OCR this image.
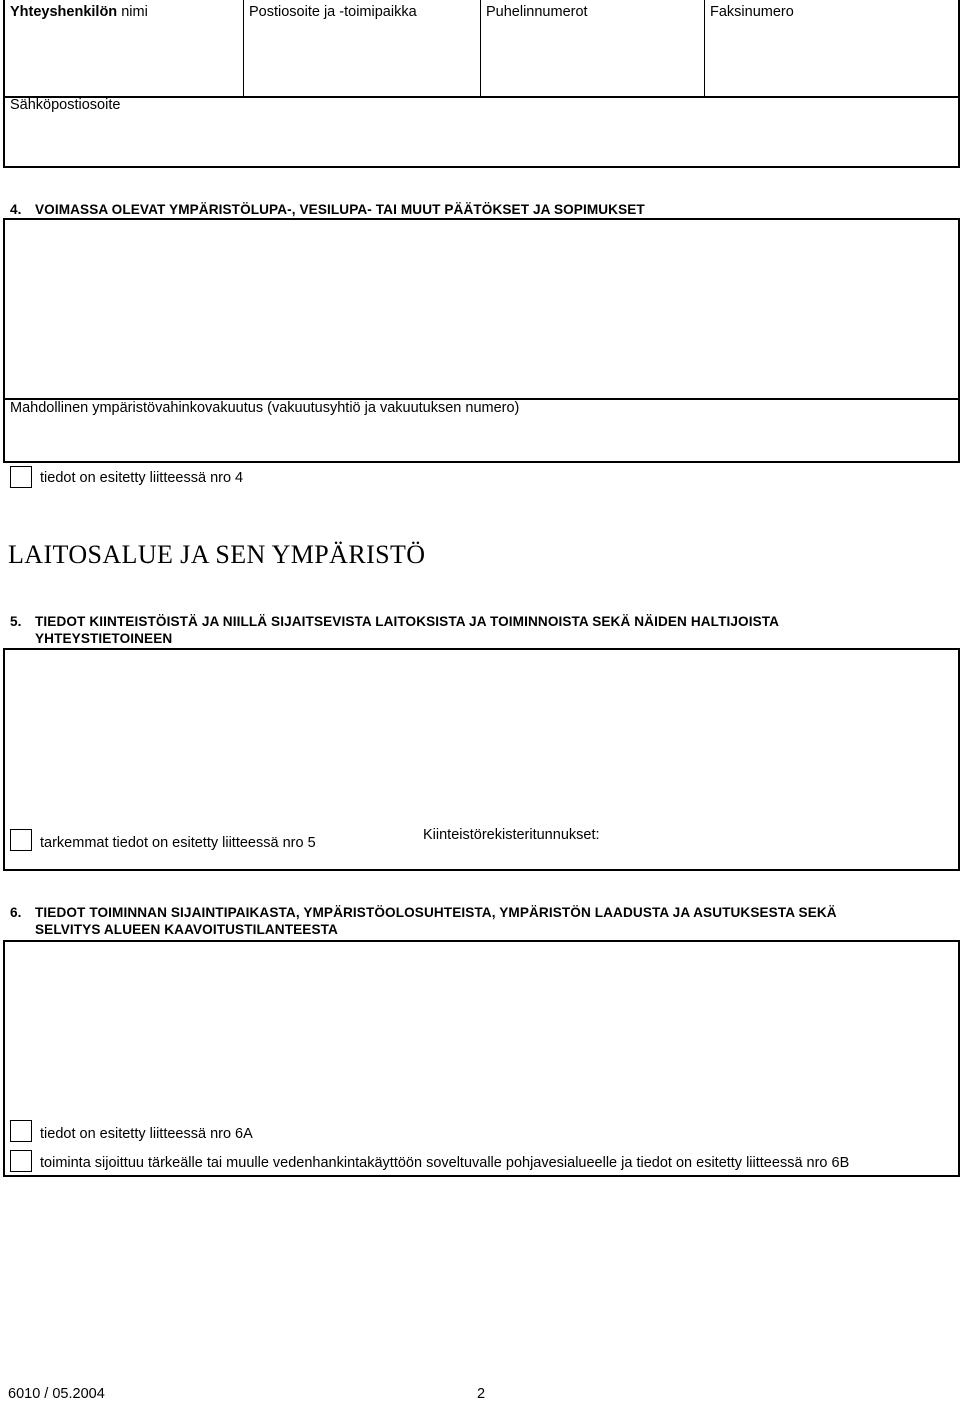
Yhteyshenkilön nimi	Postiosoite ja -toimipaikka	Puhelinnumerot	Faksinumero
Sähköpostiosoite
4. VOIMASSA OLEVAT YMPÄRISTÖLUPA-, VESILUPA- TAI MUUT PÄÄTÖKSET JA SOPIMUKSET
Mahdollinen ympäristövahinkovakuutus (vakuutusyhtiö ja vakuutuksen numero)
tiedot on esitetty liitteessä nro 4
LAITOSALUE JA SEN YMPÄRISTÖ
5. TIEDOT KIINTEISTÖISTÄ JA NIILLÄ SIJAITSEVISTA LAITOKSISTA JA TOIMINNOISTA SEKÄ NÄIDEN HALTIJOISTA
YHTEYSTIETOINEEN
tarkemmat tiedot on esitetty liitteessä nro 5	Kiinteistörekisteritunnukset:
6. TIEDOT TOIMINNAN SIJAINTIPAIKASTA, YMPÄRISTÖOLOSUHTEISTA, YMPÄRISTÖN LAADUSTA JA ASUTUKSESTA SEKÄ
SELVITYS ALUEEN KAAVOITUSTILANTEESTA
tiedot on esitetty liitteessä nro 6A
toiminta sijoittuu tärkeälle tai muulle vedenhankintakäyttöön soveltuvalle pohjavesialueelle ja tiedot on esitetty liitteessä nro 6B
6010 / 05.2004	2
